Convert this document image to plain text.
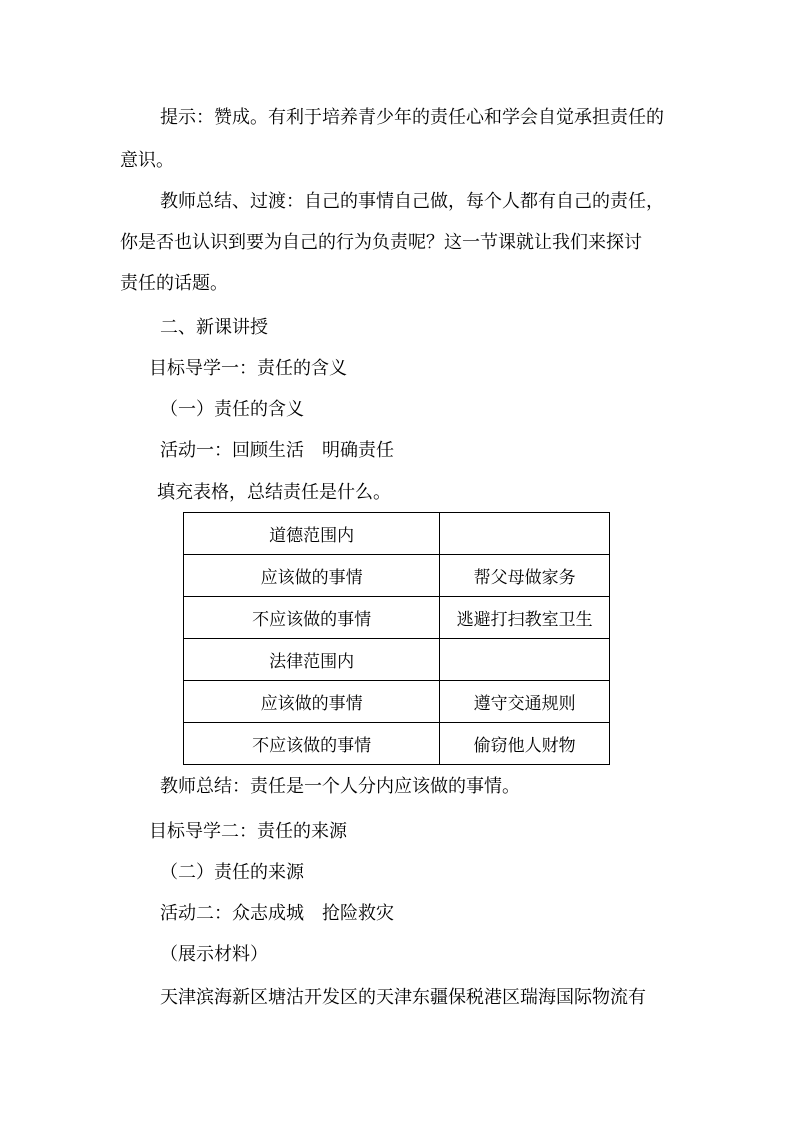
提示：赞成。有利于培养青少年的责任心和学会自觉承担责任的
意识。
教师总结、过渡：自己的事情自己做，每个人都有自己的责任，
你是否也认识到要为自己的行为负责呢？这一节课就让我们来探讨
责任的话题。
二、新课讲授
目标导学一：责任的含义
（一）责任的含义
活动一：回顾生活　明确责任
填充表格，总结责任是什么。
道德范围内	
应该做的事情	帮父母做家务
不应该做的事情	逃避打扫教室卫生
法律范围内	
应该做的事情	遵守交通规则
不应该做的事情	偷窃他人财物
教师总结：责任是一个人分内应该做的事情。
目标导学二：责任的来源
（二）责任的来源
活动二：众志成城　抢险救灾
（展示材料）
天津滨海新区塘沽开发区的天津东疆保税港区瑞海国际物流有
